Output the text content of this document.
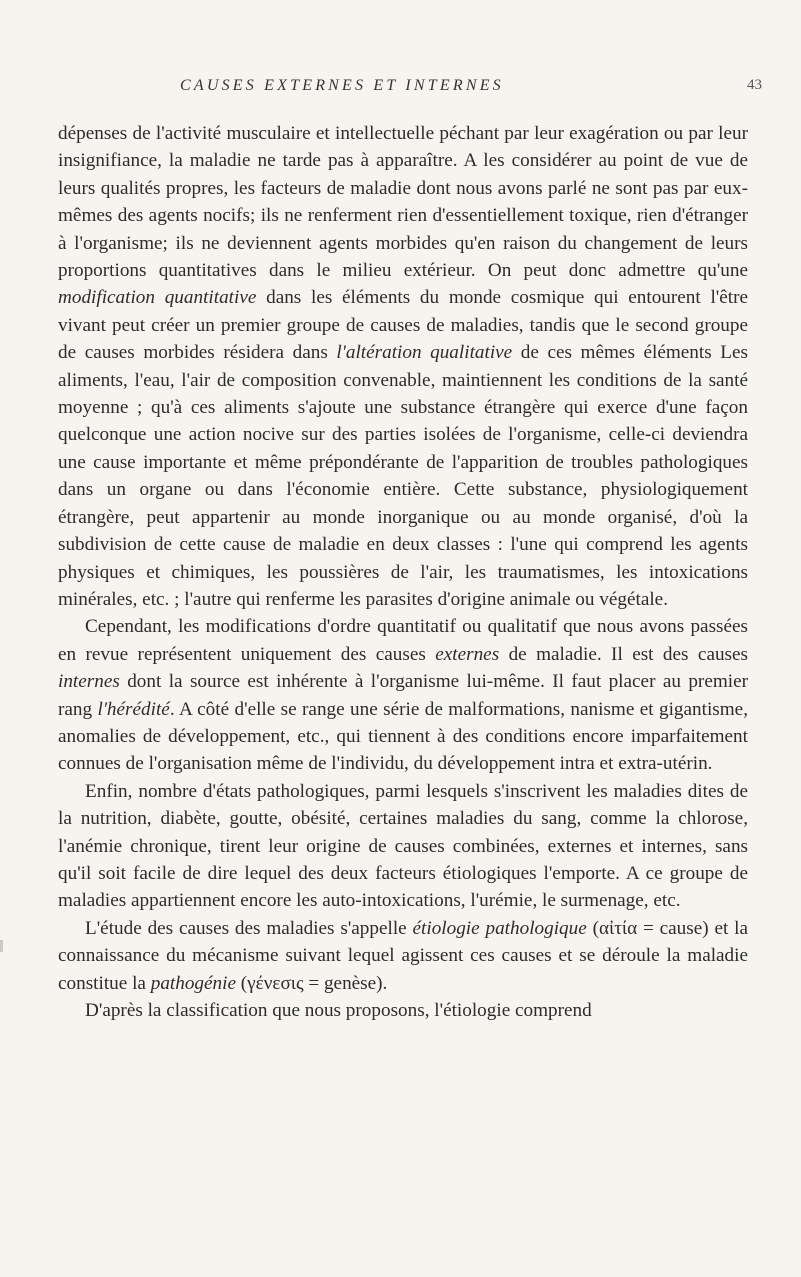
CAUSES EXTERNES ET INTERNES	43

dépenses de l'activité musculaire et intellectuelle péchant par leur exagération ou par leur insignifiance, la maladie ne tarde pas à apparaître. A les considérer au point de vue de leurs qualités propres, les facteurs de maladie dont nous avons parlé ne sont pas par eux-mêmes des agents nocifs; ils ne renferment rien d'essentiellement toxique, rien d'étranger à l'organisme; ils ne deviennent agents morbides qu'en raison du changement de leurs proportions quantitatives dans le milieu extérieur. On peut donc admettre qu'une modification quantitative dans les éléments du monde cosmique qui entourent l'être vivant peut créer un premier groupe de causes de maladies, tandis que le second groupe de causes morbides résidera dans l'altération qualitative de ces mêmes éléments Les aliments, l'eau, l'air de composition convenable, maintiennent les conditions de la santé moyenne ; qu'à ces aliments s'ajoute une substance étrangère qui exerce d'une façon quelconque une action nocive sur des parties isolées de l'organisme, celle-ci deviendra une cause importante et même prépondérante de l'apparition de troubles pathologiques dans un organe ou dans l'économie entière. Cette substance, physiologiquement étrangère, peut appartenir au monde inorganique ou au monde organisé, d'où la subdivision de cette cause de maladie en deux classes : l'une qui comprend les agents physiques et chimiques, les poussières de l'air, les traumatismes, les intoxications minérales, etc. ; l'autre qui renferme les parasites d'origine animale ou végétale.

Cependant, les modifications d'ordre quantitatif ou qualitatif que nous avons passées en revue représentent uniquement des causes externes de maladie. Il est des causes internes dont la source est inhérente à l'organisme lui-même. Il faut placer au premier rang l'hérédité. A côté d'elle se range une série de malformations, nanisme et gigantisme, anomalies de développement, etc., qui tiennent à des conditions encore imparfaitement connues de l'organisation même de l'individu, du développement intra et extra-utérin.

Enfin, nombre d'états pathologiques, parmi lesquels s'inscrivent les maladies dites de la nutrition, diabète, goutte, obésité, certaines maladies du sang, comme la chlorose, l'anémie chronique, tirent leur origine de causes combinées, externes et internes, sans qu'il soit facile de dire lequel des deux facteurs étiologiques l'emporte. A ce groupe de maladies appartiennent encore les auto-intoxications, l'urémie, le surmenage, etc.

L'étude des causes des maladies s'appelle étiologie pathologique (αἰτία = cause) et la connaissance du mécanisme suivant lequel agissent ces causes et se déroule la maladie constitue la pathogénie (γένεσις = genèse).

D'après la classification que nous proposons, l'étiologie comprend
